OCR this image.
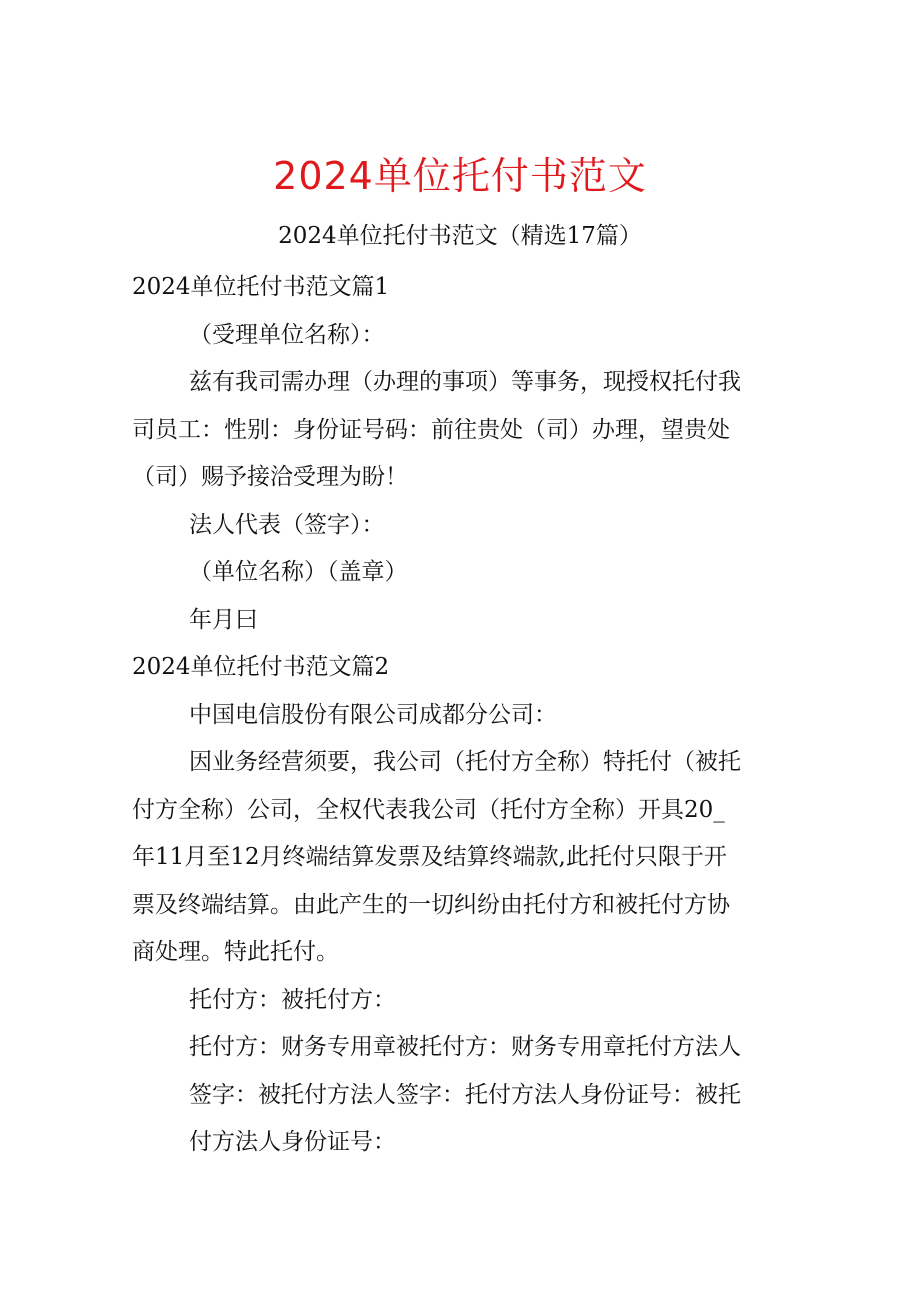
2024单位托付书范文

2024单位托付书范文（精选17篇）

2024单位托付书范文篇1

（受理单位名称）：

兹有我司需办理（办理的事项）等事务，现授权托付我

司员工：性别：身份证号码：前往贵处（司）办理，望贵处

（司）赐予接洽受理为盼！

法人代表（签字）：

（单位名称）（盖章）

年月曰

2024单位托付书范文篇2

中国电信股份有限公司成都分公司：

因业务经营须要，我公司（托付方全称）特托付（被托

付方全称）公司，全权代表我公司（托付方全称）开具20_

年11月至12月终端结算发票及结算终端款,此托付只限于开

票及终端结算。由此产生的一切纠纷由托付方和被托付方协

商处理。特此托付。

托付方：被托付方：

托付方：财务专用章被托付方：财务专用章托付方法人

签字：被托付方法人签字：托付方法人身份证号：被托

付方法人身份证号：
